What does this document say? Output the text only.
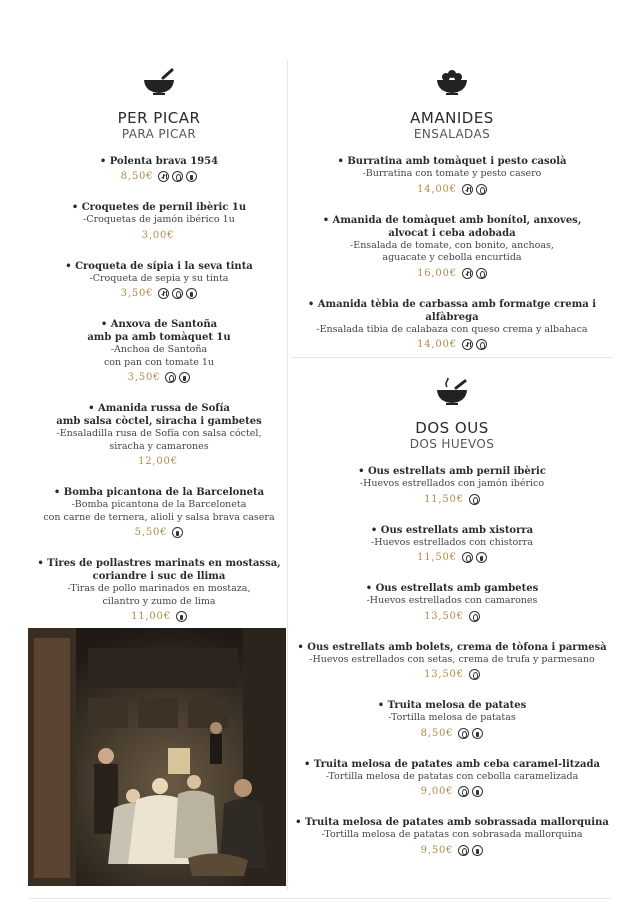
PER PICAR
PARA PICAR
• Polenta brava 1954
8,50€
• Croquetes de pernil ibèric 1u
-Croquetas de jamón ibérico 1u
3,00€
• Croqueta de sípia i la seva tinta
-Croqueta de sepia y su tinta
3,50€
• Anxova de Santoña
amb pa amb tomàquet 1u
-Anchoa de Santoña
con pan con tomate 1u
3,50€
• Amanida russa de Sofía
amb salsa còctel, siracha i gambetes
-Ensaladilla rusa de Sofía con salsa cóctel,
siracha y camarones
12,00€
• Bomba picantona de la Barceloneta
-Bomba picantona de la Barceloneta
con carne de ternera, alioli y salsa brava casera
5,50€
• Tires de pollastres marinats en mostassa,
coriandre i suc de llima
-Tiras de pollo marinados en mostaza,
cilantro y zumo de lima
11,00€
AMANIDES
ENSALADAS
• Burratina amb tomàquet i pesto casolà
-Burratina con tomate y pesto casero
14,00€
• Amanida de tomàquet amb bonítol, anxoves,
alvocat i ceba adobada
-Ensalada de tomate, con bonito, anchoas,
aguacate y cebolla encurtida
16,00€
• Amanida tèbia de carbassa amb formatge crema i alfàbrega
-Ensalada tibia de calabaza con queso crema y albahaca
14,00€
DOS OUS
DOS HUEVOS
• Ous estrellats amb pernil ibèric
-Huevos estrellados con jamón ibérico
11,50€
• Ous estrellats amb xistorra
-Huevos estrellados con chistorra
11,50€
• Ous estrellats amb gambetes
-Huevos estrellados con camarones
13,50€
• Ous estrellats amb bolets, crema de tòfona i parmesà
-Huevos estrellados con setas, crema de trufa y parmesano
13,50€
• Truita melosa de patates
-Tortilla melosa de patatas
8,50€
• Truita melosa de patates amb ceba caramel-litzada
-Tortilla melosa de patatas con cebolla caramelizada
9,00€
• Truita melosa de patates amb sobrassada mallorquina
-Tortilla melosa de patatas con sobrasada mallorquina
9,50€
